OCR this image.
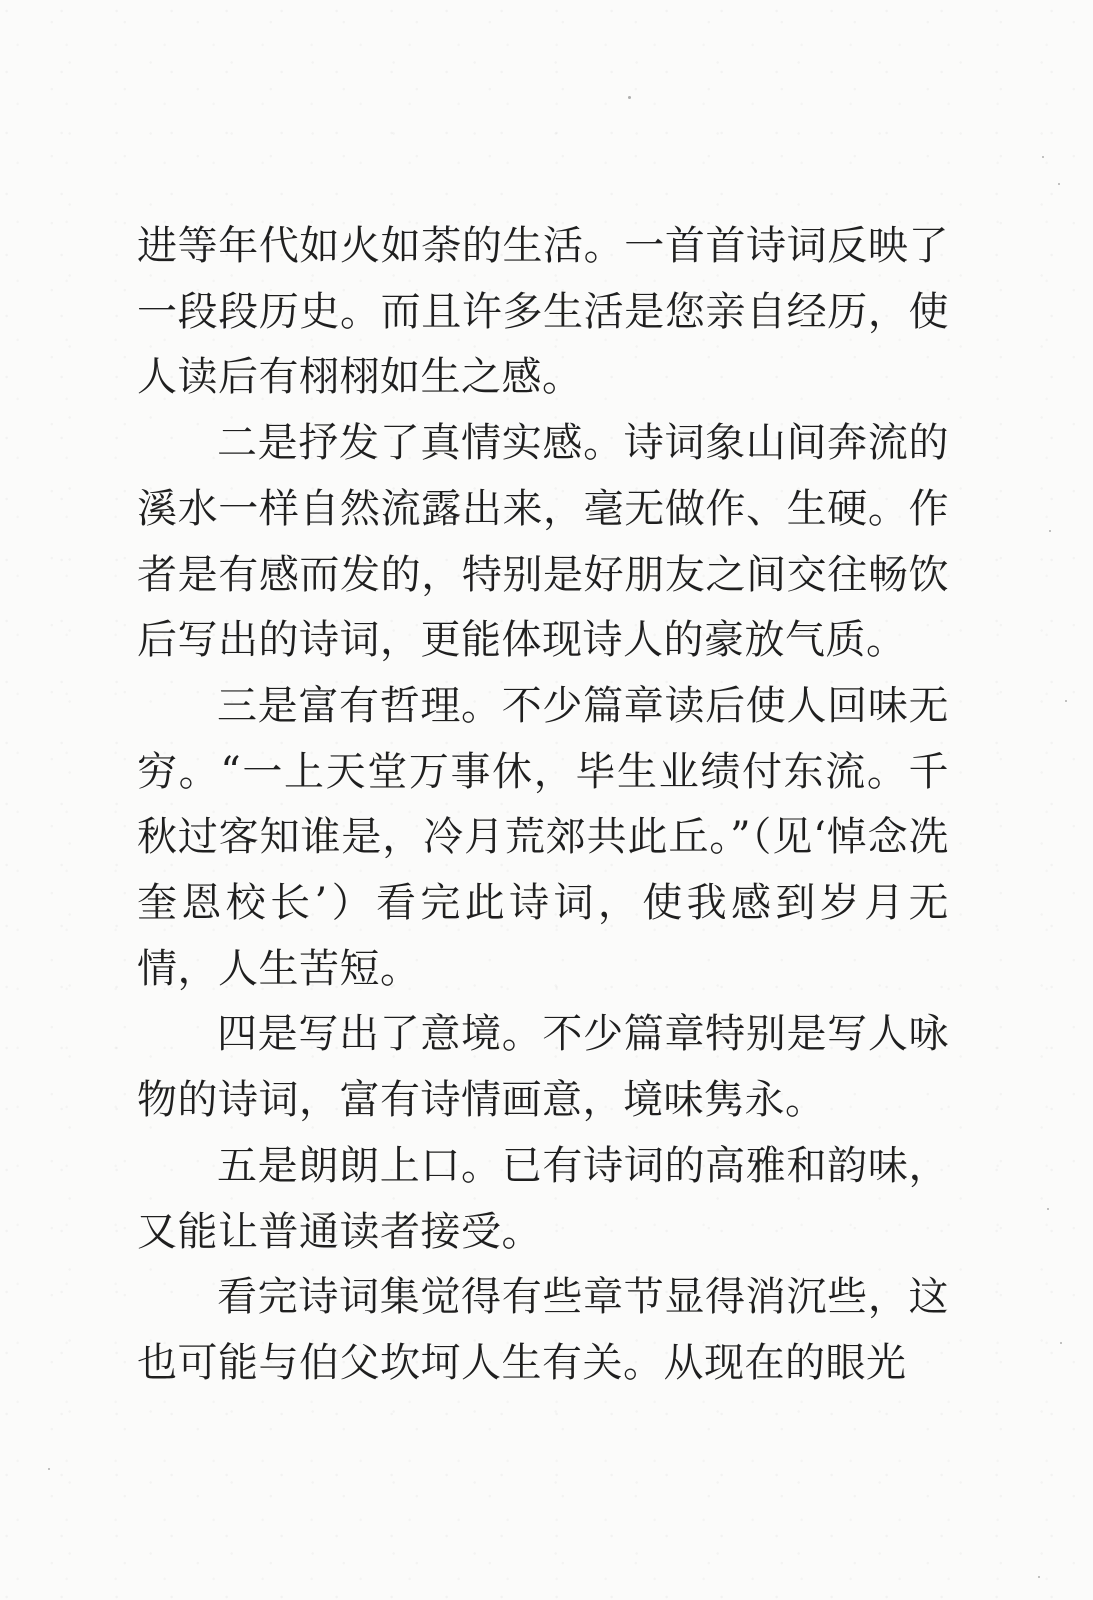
进等年代如火如荼的生活。一首首诗词反映了一段段历史。而且许多生活是您亲自经历，使人读后有栩栩如生之感。

二是抒发了真情实感。诗词象山间奔流的溪水一样自然流露出来，毫无做作、生硬。作者是有感而发的，特别是好朋友之间交往畅饮后写出的诗词，更能体现诗人的豪放气质。

三是富有哲理。不少篇章读后使人回味无穷。“一上天堂万事休，毕生业绩付东流。千秋过客知谁是，冷月荒郊共此丘。”（见‘悼念冼奎恩校长’）看完此诗词，使我感到岁月无情，人生苦短。

四是写出了意境。不少篇章特别是写人咏物的诗词，富有诗情画意，境味隽永。

五是朗朗上口。已有诗词的高雅和韵味，又能让普通读者接受。

看完诗词集觉得有些章节显得消沉些，这也可能与伯父坎坷人生有关。从现在的眼光
